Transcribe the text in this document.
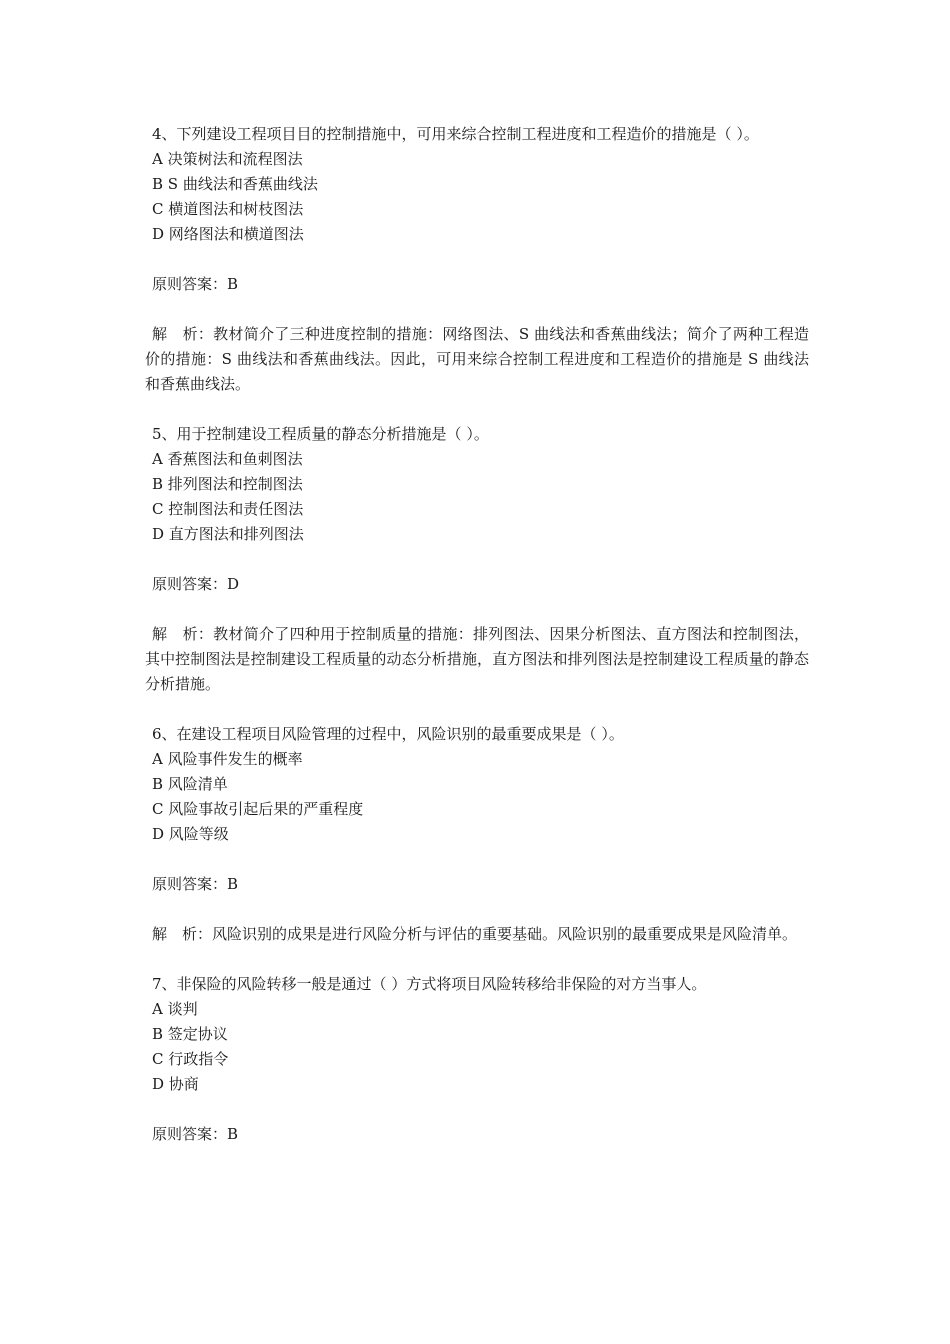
4、下列建设工程项目目的控制措施中，可用来综合控制工程进度和工程造价的措施是（ ）。

A 决策树法和流程图法

B S 曲线法和香蕉曲线法

C 横道图法和树枝图法

D 网络图法和横道图法

原则答案：B

解　析：教材简介了三种进度控制的措施：网络图法、S 曲线法和香蕉曲线法；简介了两种工程造价的措施：S 曲线法和香蕉曲线法。因此，可用来综合控制工程进度和工程造价的措施是 S 曲线法和香蕉曲线法。

5、用于控制建设工程质量的静态分析措施是（ ）。

A 香蕉图法和鱼刺图法

B 排列图法和控制图法

C 控制图法和责任图法

D 直方图法和排列图法

原则答案：D

解　析：教材简介了四种用于控制质量的措施：排列图法、因果分析图法、直方图法和控制图法，其中控制图法是控制建设工程质量的动态分析措施，直方图法和排列图法是控制建设工程质量的静态分析措施。

6、在建设工程项目风险管理的过程中，风险识别的最重要成果是（ ）。

A 风险事件发生的概率

B 风险清单

C 风险事故引起后果的严重程度

D 风险等级

原则答案：B

解　析：风险识别的成果是进行风险分析与评估的重要基础。风险识别的最重要成果是风险清单。

7、非保险的风险转移一般是通过（ ）方式将项目风险转移给非保险的对方当事人。

A 谈判

B 签定协议

C 行政指令

D 协商

原则答案：B
